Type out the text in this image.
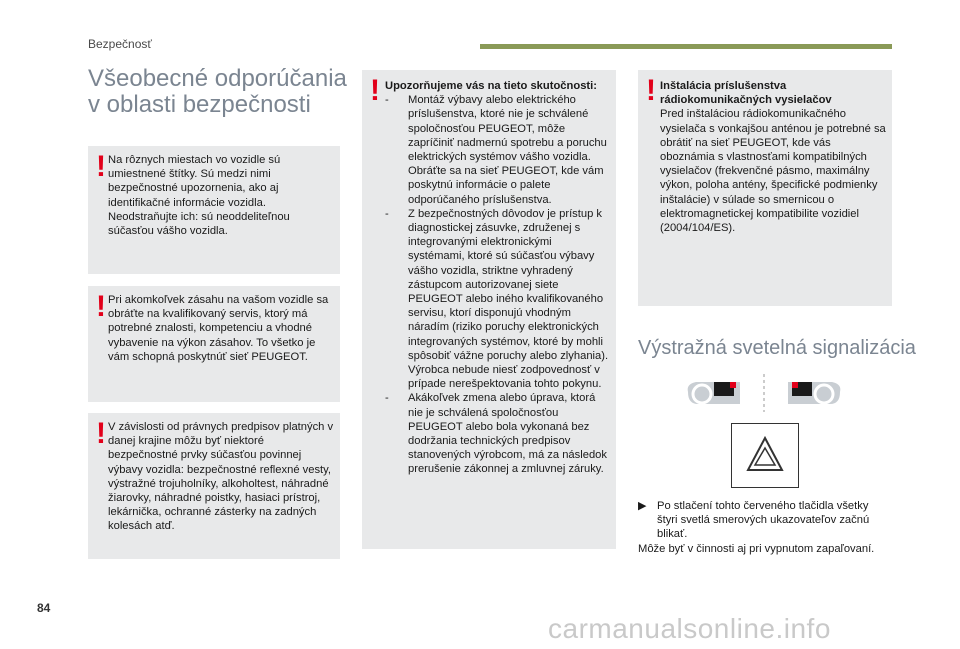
Bezpečnosť
Všeobecné odporúčania v oblasti bezpečnosti
! Na rôznych miestach vo vozidle sú umiestnené štítky. Sú medzi nimi bezpečnostné upozornenia, ako aj identifikačné informácie vozidla. Neodstraňujte ich: sú neoddeliteľnou súčasťou vášho vozidla.
! Pri akomkoľvek zásahu na vašom vozidle sa obráťte na kvalifikovaný servis, ktorý má potrebné znalosti, kompetenciu a vhodné vybavenie na výkon zásahov. To všetko je vám schopná poskytnúť sieť PEUGEOT.
! V závislosti od právnych predpisov platných v danej krajine môžu byť niektoré bezpečnostné prvky súčasťou povinnej výbavy vozidla: bezpečnostné reflexné vesty, výstražné trojuholníky, alkoholtest, náhradné žiarovky, náhradné poistky, hasiaci prístroj, lekárnička, ochranné zásterky na zadných kolesách atď.
! Upozorňujeme vás na tieto skutočnosti:

- Montáž výbavy alebo elektrického príslušenstva, ktoré nie je schválené spoločnosťou PEUGEOT, môže zapríčiniť nadmernú spotrebu a poruchu elektrických systémov vášho vozidla. Obráťte sa na sieť PEUGEOT, kde vám poskytnú informácie o palete odporúčaného príslušenstva.
- Z bezpečnostných dôvodov je prístup k diagnostickej zásuvke, združenej s integrovanými elektronickými systémami, ktoré sú súčasťou výbavy vášho vozidla, striktne vyhradený zástupcom autorizovanej siete PEUGEOT alebo iného kvalifikovaného servisu, ktorí disponujú vhodným náradím (riziko poruchy elektronických integrovaných systémov, ktoré by mohli spôsobiť vážne poruchy alebo zlyhania). Výrobca nebude niesť zodpovednosť v prípade nerešpektovania tohto pokynu.
- Akákoľvek zmena alebo úprava, ktorá nie je schválená spoločnosťou PEUGEOT alebo bola vykonaná bez dodržania technických predpisov stanovených výrobcom, má za následok prerušenie zákonnej a zmluvnej záruky.
! Inštalácia príslušenstva rádiokomunikačných vysielačov

Pred inštaláciou rádiokomunikačného vysielača s vonkajšou anténou je potrebné sa obrátiť na sieť PEUGEOT, kde vás oboznámia s vlastnosťami kompatibilných vysielačov (frekvenčné pásmo, maximálny výkon, poloha antény, špecifické podmienky inštalácie) v súlade so smernicou o elektromagnetickej kompatibilite vozidiel (2004/104/ES).

Výstražná svetelná signalizácia
▶ Po stlačení tohto červeného tlačidla všetky štyri svetlá smerových ukazovateľov začnú blikať.
Môže byť v činnosti aj pri vypnutom zapaľovaní.
84
carmanualsonline.info
